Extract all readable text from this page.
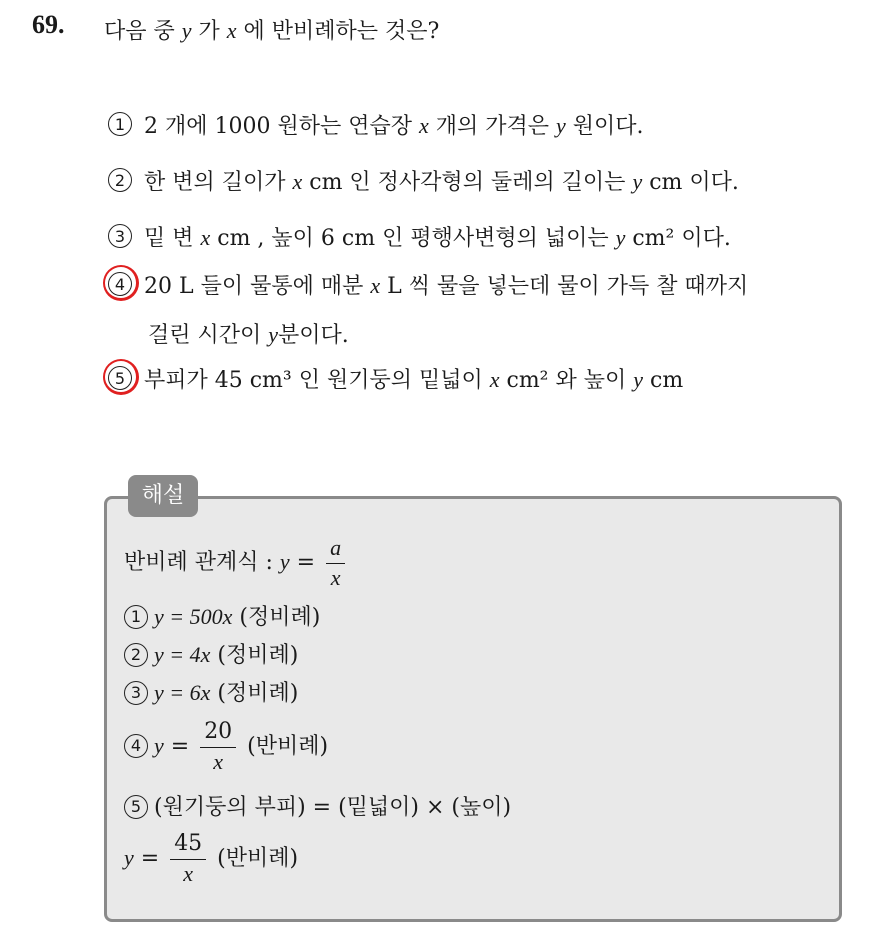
69. 다음 중 y 가 x 에 반비례하는 것은?
1 2 개에 1000 원하는 연습장 x 개의 가격은 y 원이다.
2 한 변의 길이가 x cm 인 정사각형의 둘레의 길이는 y cm 이다.
3 밑 변 x cm , 높이 6 cm 인 평행사변형의 넓이는 y cm² 이다.
4 20 L 들이 물통에 매분 x L 씩 물을 넣는데 물이 가득 찰 때까지
걸린 시간이 y분이다.
5 부피가 45 cm³ 인 원기둥의 밑넓이 x cm² 와 높이 y cm
해설
반비례 관계식 : $y = \frac{a}{x}$
1 y = 500x (정비례)
2 y = 4x (정비례)
3 y = 6x (정비례)
4 $y = \frac{20}{x}$ (반비례)
5 (원기둥의 부피) = (밑넓이) × (높이)
$y = \frac{45}{x}$ (반비례)
